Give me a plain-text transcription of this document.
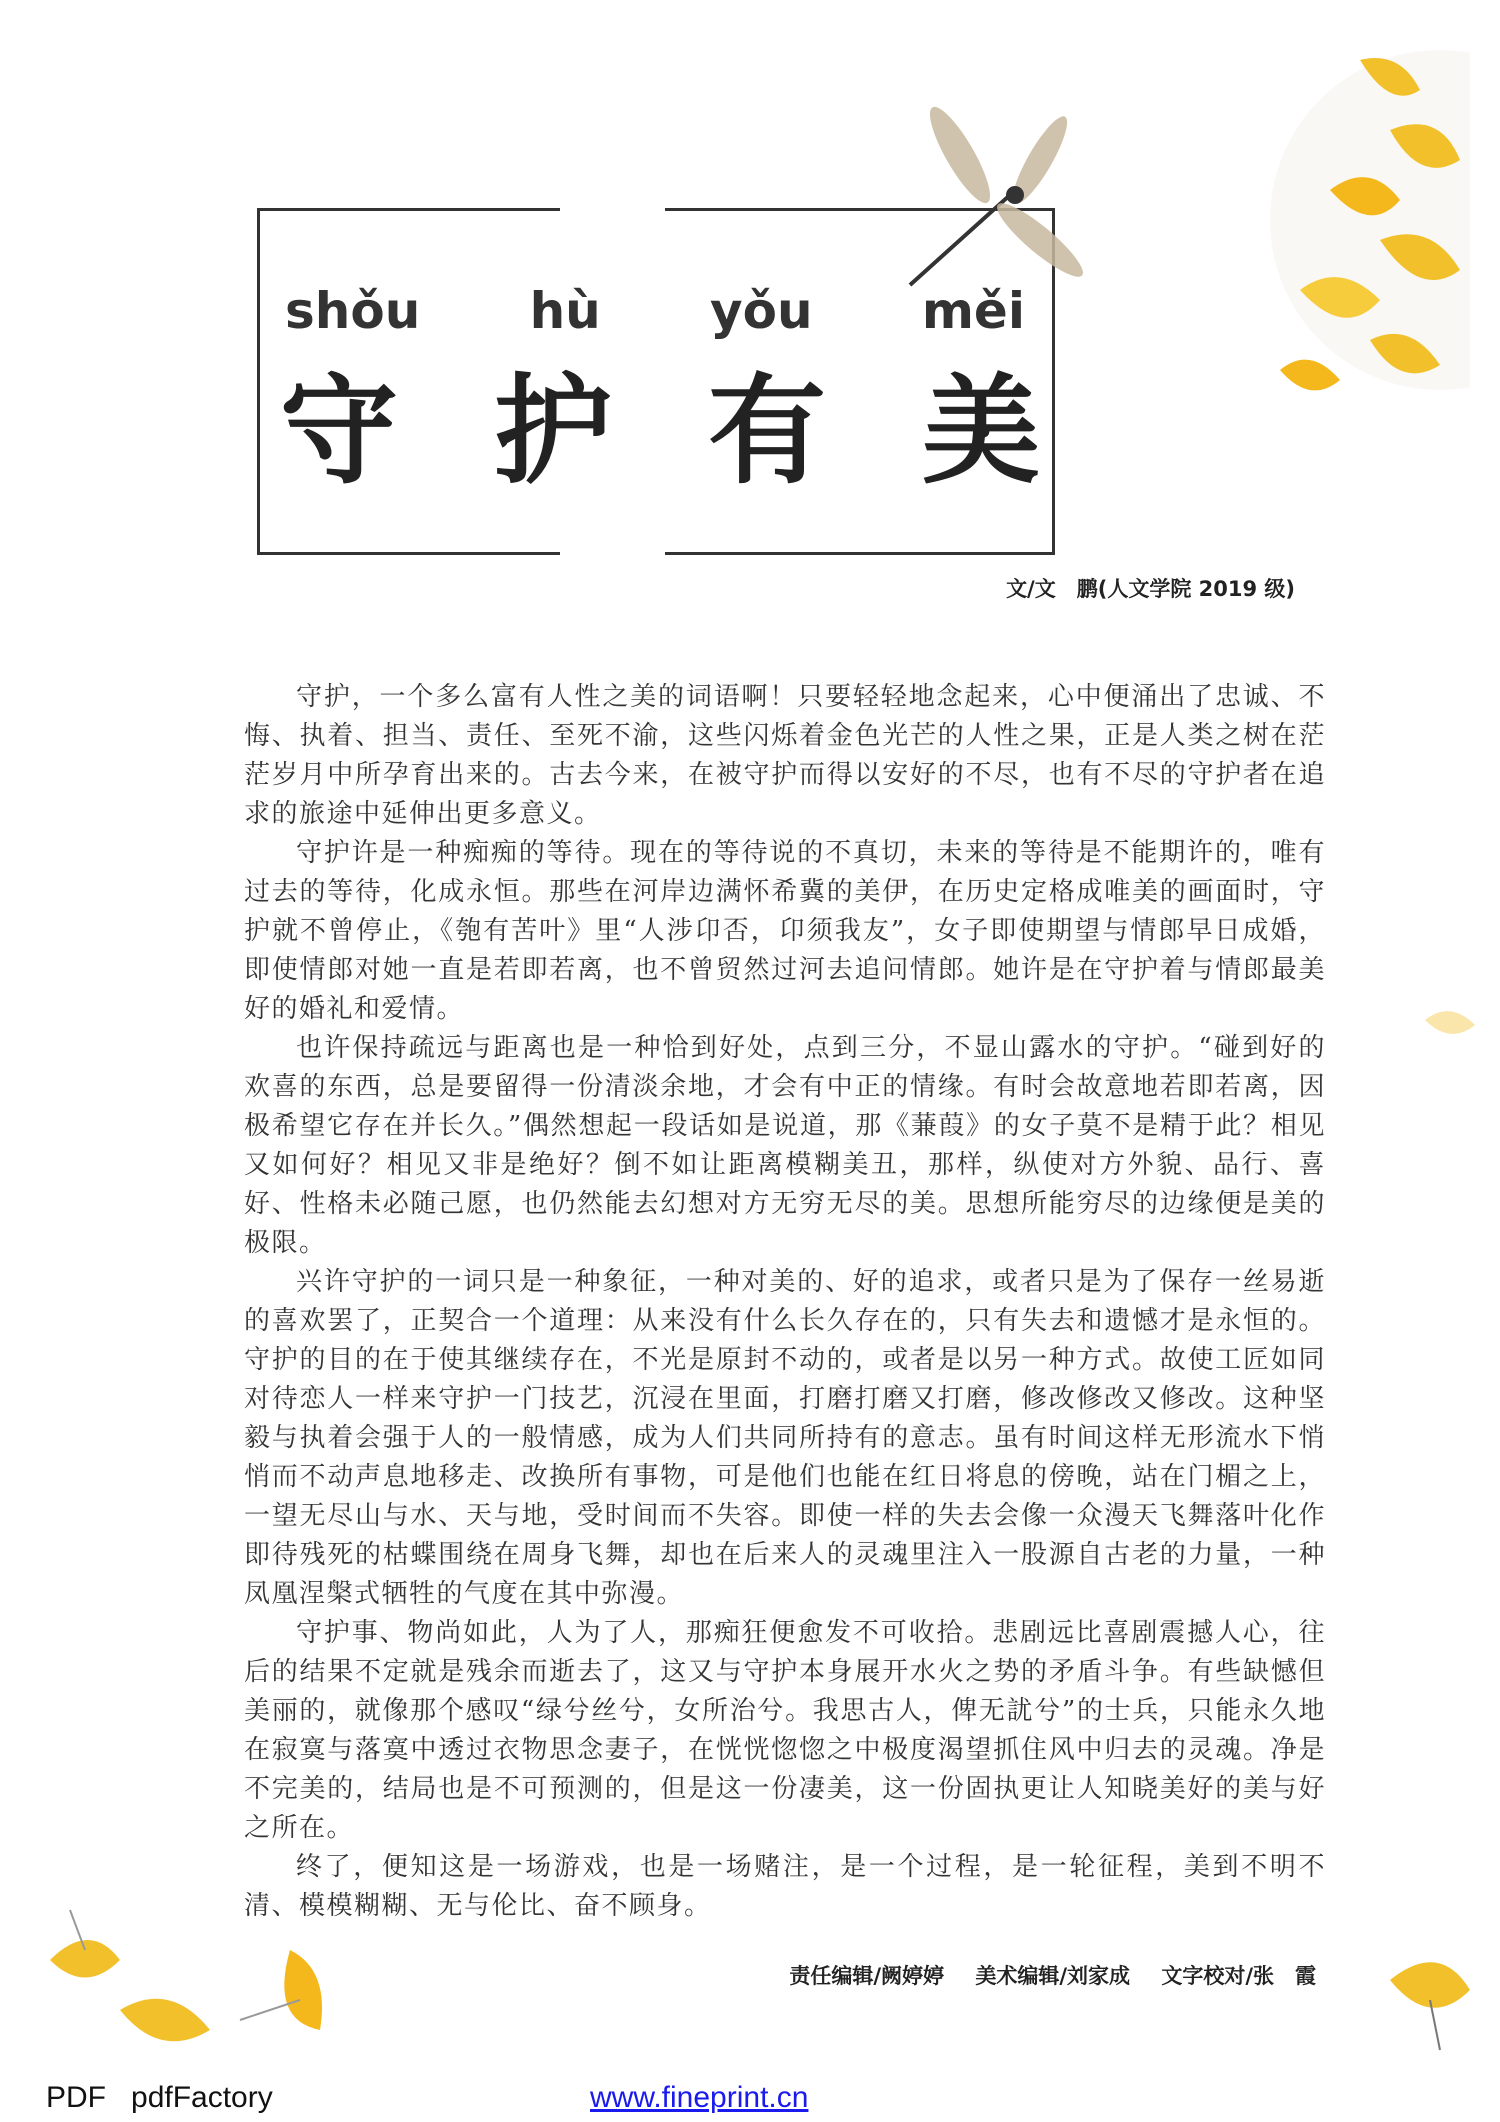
shǒu hù yǒu měi
守 护 有 美
文/文　鹏(人文学院 2019 级)

守护，一个多么富有人性之美的词语啊！只要轻轻地念起来，心中便涌出了忠诚、不悔、执着、担当、责任、至死不渝，这些闪烁着金色光芒的人性之果，正是人类之树在茫茫岁月中所孕育出来的。古去今来，在被守护而得以安好的不尽，也有不尽的守护者在追求的旅途中延伸出更多意义。

守护许是一种痴痴的等待。现在的等待说的不真切，未来的等待是不能期许的，唯有过去的等待，化成永恒。那些在河岸边满怀希冀的美伊，在历史定格成唯美的画面时，守护就不曾停止，《匏有苦叶》里“人涉卬否，卬须我友”，女子即使期望与情郎早日成婚，即使情郎对她一直是若即若离，也不曾贸然过河去追问情郎。她许是在守护着与情郎最美好的婚礼和爱情。

也许保持疏远与距离也是一种恰到好处，点到三分，不显山露水的守护。“碰到好的欢喜的东西，总是要留得一份清淡余地，才会有中正的情缘。有时会故意地若即若离，因极希望它存在并长久。”偶然想起一段话如是说道，那《蒹葭》的女子莫不是精于此？相见又如何好？相见又非是绝好？倒不如让距离模糊美丑，那样，纵使对方外貌、品行、喜好、性格未必随己愿，也仍然能去幻想对方无穷无尽的美。思想所能穷尽的边缘便是美的极限。

兴许守护的一词只是一种象征，一种对美的、好的追求，或者只是为了保存一丝易逝的喜欢罢了，正契合一个道理：从来没有什么长久存在的，只有失去和遗憾才是永恒的。守护的目的在于使其继续存在，不光是原封不动的，或者是以另一种方式。故使工匠如同对待恋人一样来守护一门技艺，沉浸在里面，打磨打磨又打磨，修改修改又修改。这种坚毅与执着会强于人的一般情感，成为人们共同所持有的意志。虽有时间这样无形流水下悄悄而不动声息地移走、改换所有事物，可是他们也能在红日将息的傍晚，站在门楣之上，一望无尽山与水、天与地，受时间而不失容。即使一样的失去会像一众漫天飞舞落叶化作即待残死的枯蝶围绕在周身飞舞，却也在后来人的灵魂里注入一股源自古老的力量，一种凤凰涅槃式牺牲的气度在其中弥漫。

守护事、物尚如此，人为了人，那痴狂便愈发不可收拾。悲剧远比喜剧震撼人心，往后的结果不定就是残余而逝去了，这又与守护本身展开水火之势的矛盾斗争。有些缺憾但美丽的，就像那个感叹“绿兮丝兮，女所治兮。我思古人，俾无訧兮”的士兵，只能永久地在寂寞与落寞中透过衣物思念妻子，在恍恍惚惚之中极度渴望抓住风中归去的灵魂。净是不完美的，结局也是不可预测的，但是这一份凄美，这一份固执更让人知晓美好的美与好之所在。

终了，便知这是一场游戏，也是一场赌注，是一个过程，是一轮征程，美到不明不清、模模糊糊、无与伦比、奋不顾身。

责任编辑/阙婷婷 美术编辑/刘家成 文字校对/张　霞
PDF   pdfFactory	www.fineprint.cn
